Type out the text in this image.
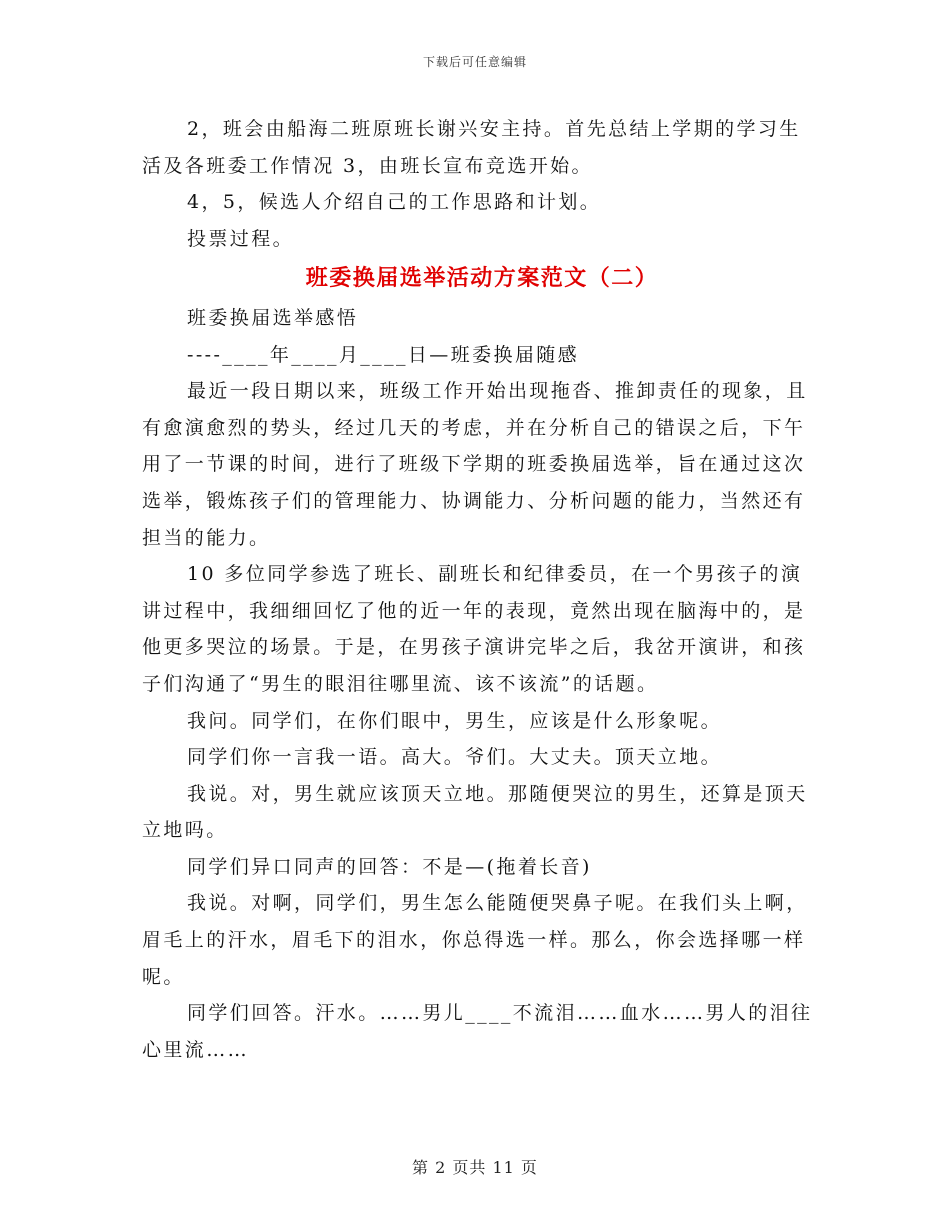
下载后可任意编辑

2，班会由船海二班原班长谢兴安主持。首先总结上学期的学习生活及各班委工作情况 3，由班长宣布竞选开始。

4，5，候选人介绍自己的工作思路和计划。

投票过程。

班委换届选举活动方案范文（二）

班委换届选举感悟

----____年____月____日—班委换届随感

最近一段日期以来，班级工作开始出现拖沓、推卸责任的现象，且有愈演愈烈的势头，经过几天的考虑，并在分析自己的错误之后，下午用了一节课的时间，进行了班级下学期的班委换届选举，旨在通过这次选举，锻炼孩子们的管理能力、协调能力、分析问题的能力，当然还有担当的能力。

10 多位同学参选了班长、副班长和纪律委员，在一个男孩子的演讲过程中，我细细回忆了他的近一年的表现，竟然出现在脑海中的，是他更多哭泣的场景。于是，在男孩子演讲完毕之后，我岔开演讲，和孩子们沟通了“男生的眼泪往哪里流、该不该流”的话题。

我问。同学们，在你们眼中，男生，应该是什么形象呢。

同学们你一言我一语。高大。爷们。大丈夫。顶天立地。

我说。对，男生就应该顶天立地。那随便哭泣的男生，还算是顶天立地吗。

同学们异口同声的回答：不是—(拖着长音)

我说。对啊，同学们，男生怎么能随便哭鼻子呢。在我们头上啊，眉毛上的汗水，眉毛下的泪水，你总得选一样。那么，你会选择哪一样呢。

同学们回答。汗水。……男儿____不流泪……血水……男人的泪往心里流……

第 2 页共 11 页
